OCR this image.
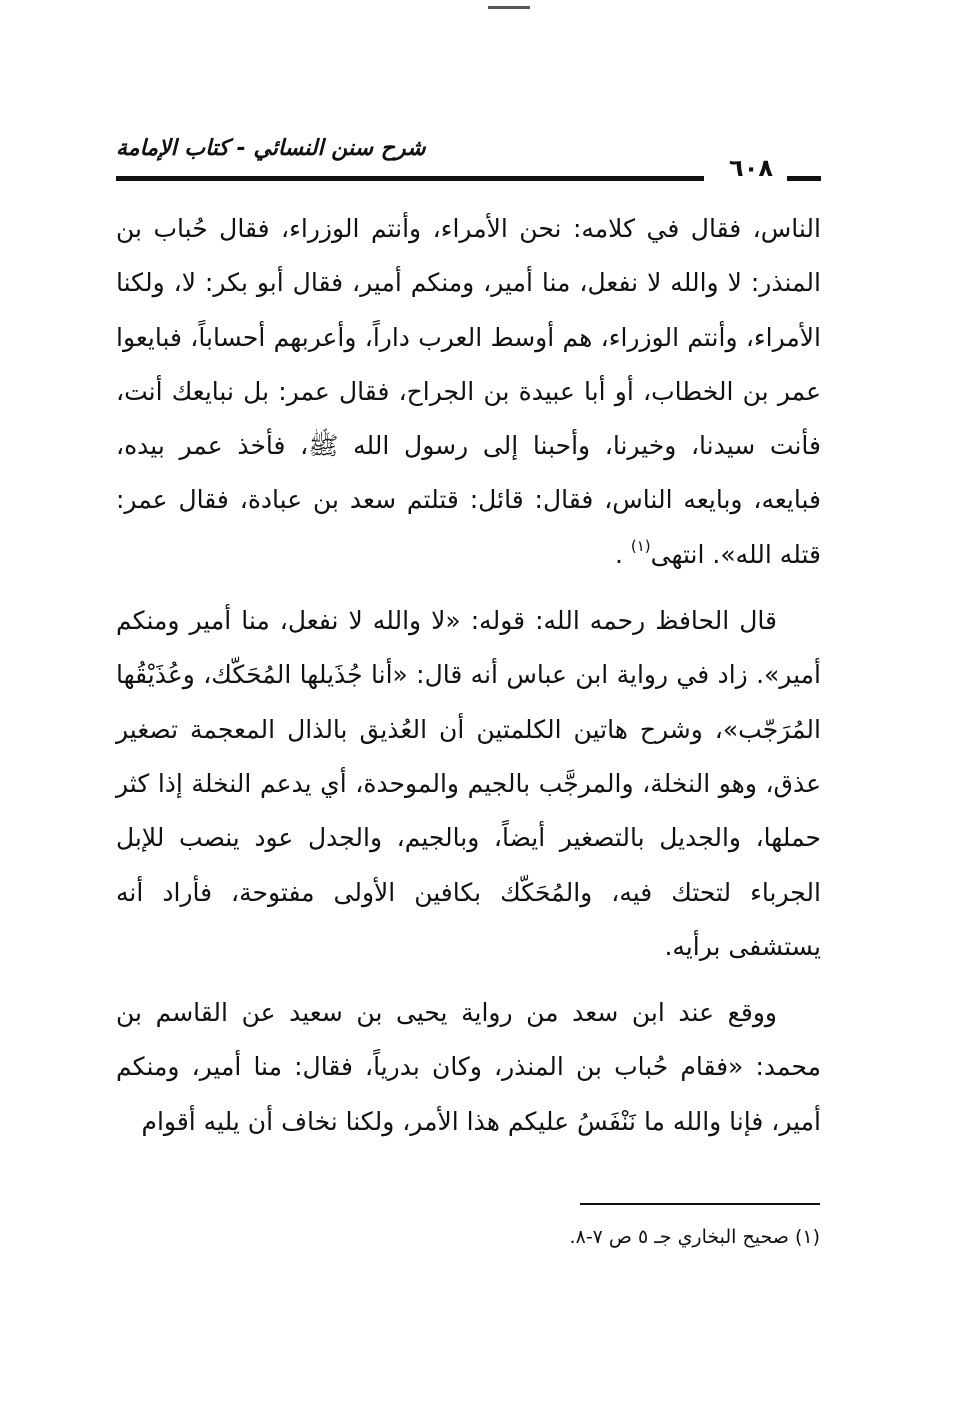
شرح سنن النسائي - كتاب الإمامة
٦٠٨

الناس، فقال في كلامه: نحن الأمراء، وأنتم الوزراء، فقال حُباب بن المنذر: لا والله لا نفعل، منا أمير، ومنكم أمير، فقال أبو بكر: لا، ولكنا الأمراء، وأنتم الوزراء، هم أوسط العرب داراً، وأعربهم أحساباً، فبايعوا عمر بن الخطاب، أو أبا عبيدة بن الجراح، فقال عمر: بل نبايعك أنت، فأنت سيدنا، وخيرنا، وأحبنا إلى رسول الله ﷺ، فأخذ عمر بيده، فبايعه، وبايعه الناس، فقال: قائل: قتلتم سعد بن عبادة، فقال عمر: قتله الله». انتهى$^{(١)}$ .

قال الحافظ رحمه الله: قوله: «لا والله لا نفعل، منا أمير ومنكم أمير». زاد في رواية ابن عباس أنه قال: «أنا جُذَيلها المُحَكّك، وعُذَيْقُها المُرَجّب»، وشرح هاتين الكلمتين أن العُذيق بالذال المعجمة تصغير عذق، وهو النخلة، والمرجَّب بالجيم والموحدة، أي يدعم النخلة إذا كثر حملها، والجديل بالتصغير أيضاً، وبالجيم، والجدل عود ينصب للإبل الجرباء لتحتك فيه، والمُحَكّك بكافين الأولى مفتوحة، فأراد أنه يستشفى برأيه.

ووقع عند ابن سعد من رواية يحيى بن سعيد عن القاسم بن محمد: «فقام حُباب بن المنذر، وكان بدرياً، فقال: منا أمير، ومنكم أمير، فإنا والله ما نَنْفَسُ عليكم هذا الأمر، ولكنا نخاف أن يليه أقوام

(١) صحيح البخاري جـ ٥ ص ٧-٨.
